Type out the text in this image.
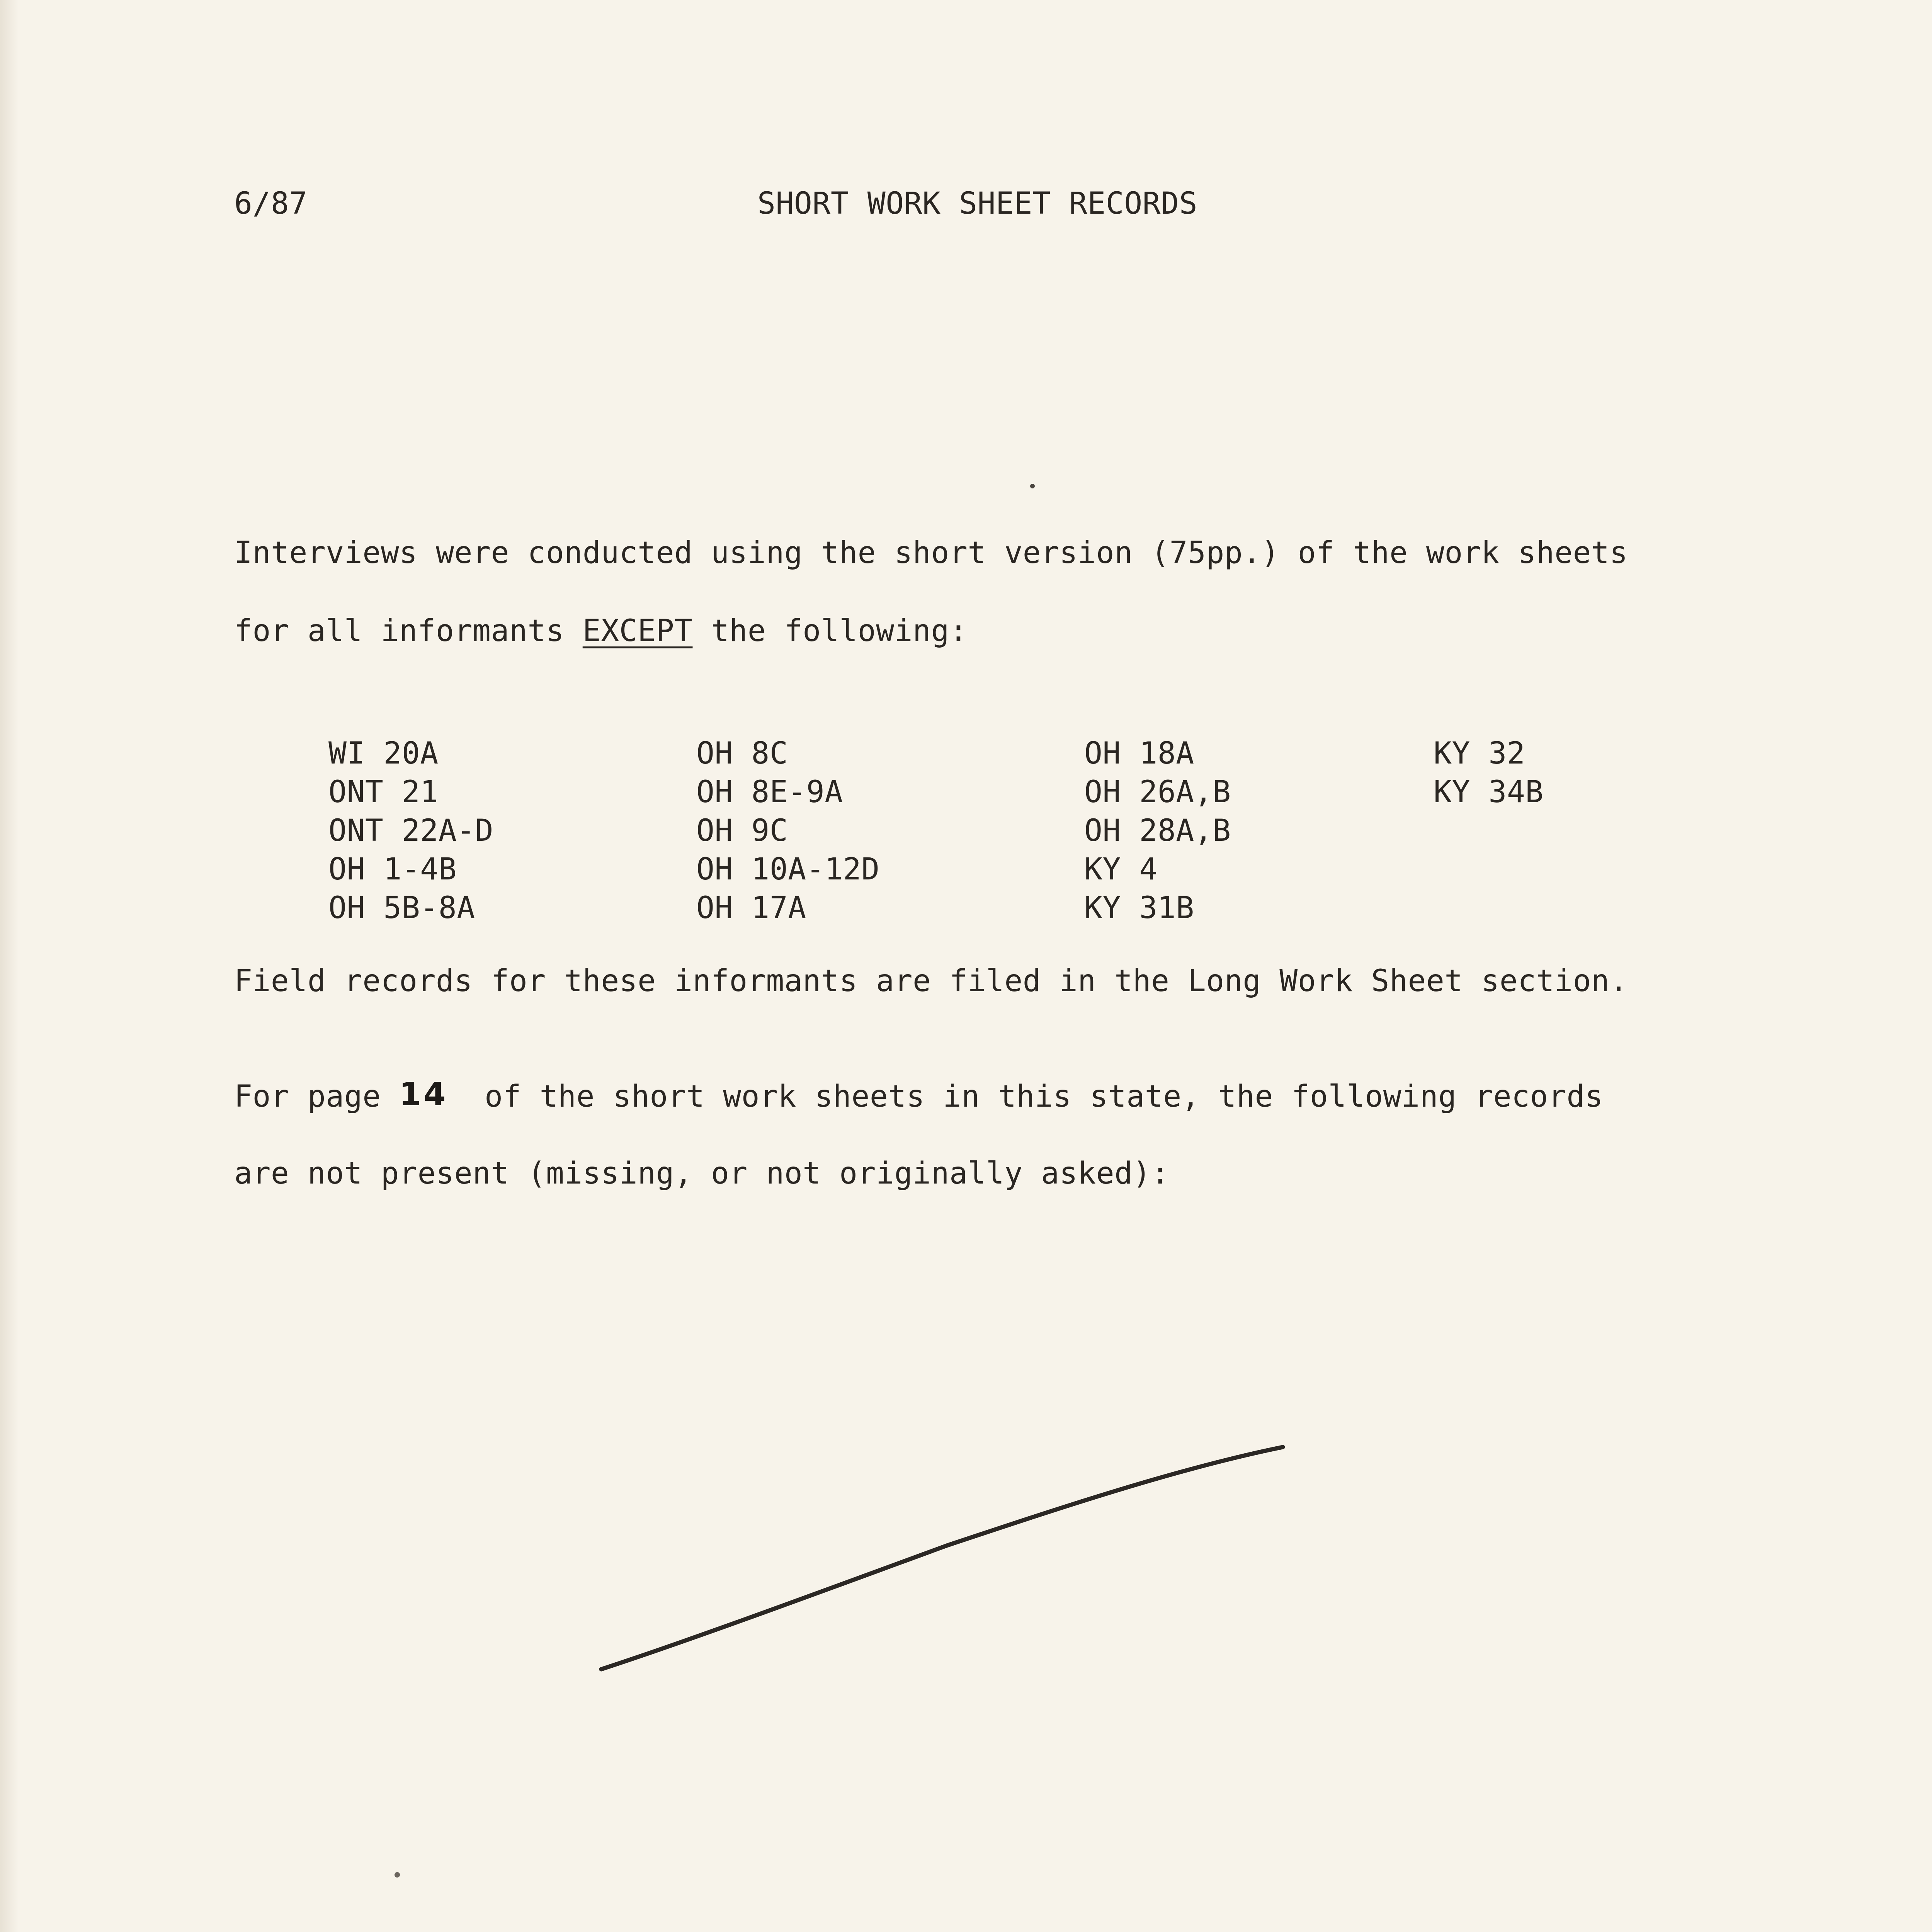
6/87	SHORT WORK SHEET RECORDS
Interviews were conducted using the short version (75pp.) of the work sheets
for all informants EXCEPT the following:
WI 20A
ONT 21
ONT 22A-D
OH 1-4B
OH 5B-8A
OH 8C
OH 8E-9A
OH 9C
OH 10A-12D
OH 17A
OH 18A
OH 26A,B
OH 28A,B
KY 4
KY 31B
KY 32
KY 34B
Field records for these informants are filed in the Long Work Sheet section.
For page 14  of the short work sheets in this state, the following records
are not present (missing, or not originally asked):
